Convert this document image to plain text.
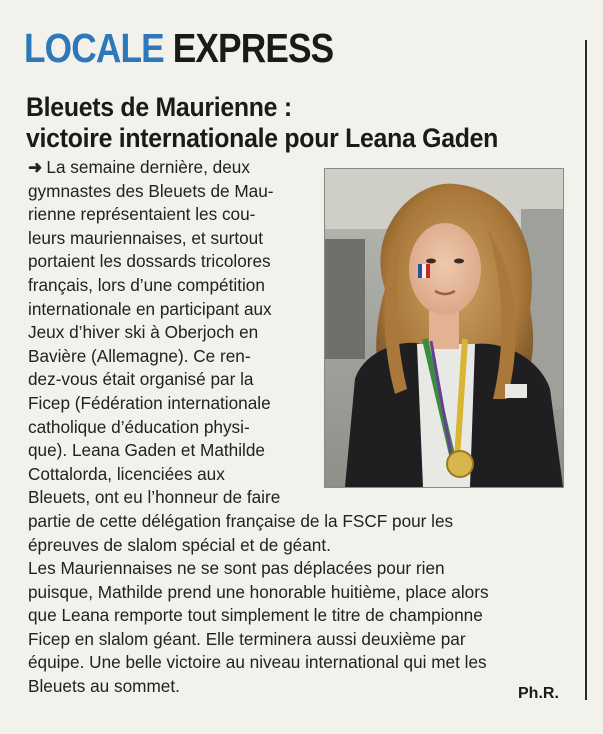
LOCALE EXPRESS
Bleuets de Maurienne :
victoire internationale pour Leana Gaden
➜ La semaine dernière, deux
gymnastes des Bleuets de Mau-
rienne représentaient les cou-
leurs mauriennaises, et surtout
portaient les dossards tricolores
français, lors d’une compétition
internationale en participant aux
Jeux d’hiver ski à Oberjoch en
Bavière (Allemagne). Ce ren-
dez-vous était organisé par la
Ficep (Fédération internationale
catholique d’éducation physi-
que). Leana Gaden et Mathilde
Cottalorda, licenciées aux
Bleuets, ont eu l’honneur de faire
partie de cette délégation française de la FSCF pour les
épreuves de slalom spécial et de géant.
Les Mauriennaises ne se sont pas déplacées pour rien
puisque, Mathilde prend une honorable huitième, place alors
que Leana remporte tout simplement le titre de championne
Ficep en slalom géant. Elle terminera aussi deuxième par
équipe. Une belle victoire au niveau international qui met les
Bleuets au sommet.	Ph.R.
